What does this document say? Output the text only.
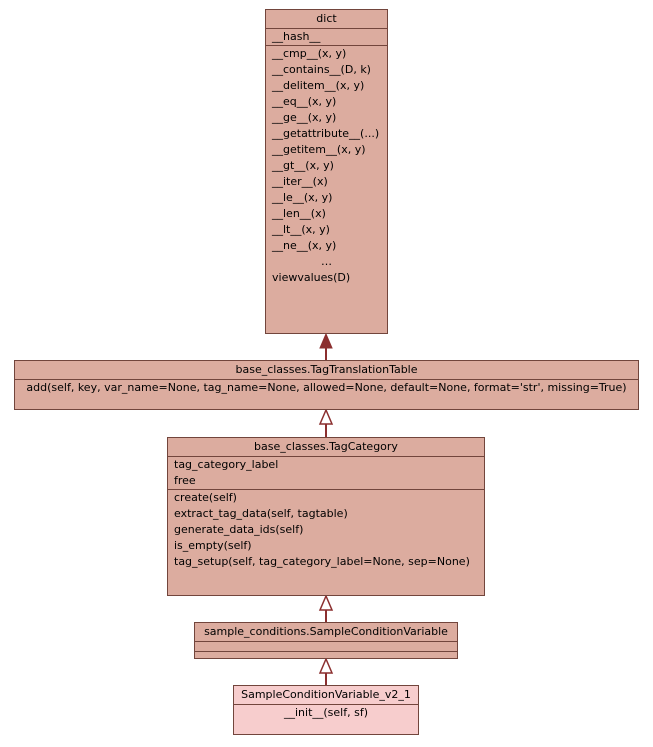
dict
__hash__
__cmp__(x, y)
__contains__(D, k)
__delitem__(x, y)
__eq__(x, y)
__ge__(x, y)
__getattribute__(...)
__getitem__(x, y)
__gt__(x, y)
__iter__(x)
__le__(x, y)
__len__(x)
__lt__(x, y)
__ne__(x, y)
…
viewvalues(D)
base_classes.TagTranslationTable
add(self, key, var_name=None, tag_name=None, allowed=None, default=None, format='str', missing=True)
base_classes.TagCategory
tag_category_label
free
create(self)
extract_tag_data(self, tagtable)
generate_data_ids(self)
is_empty(self)
tag_setup(self, tag_category_label=None, sep=None)
sample_conditions.SampleConditionVariable
SampleConditionVariable_v2_1
__init__(self, sf)
